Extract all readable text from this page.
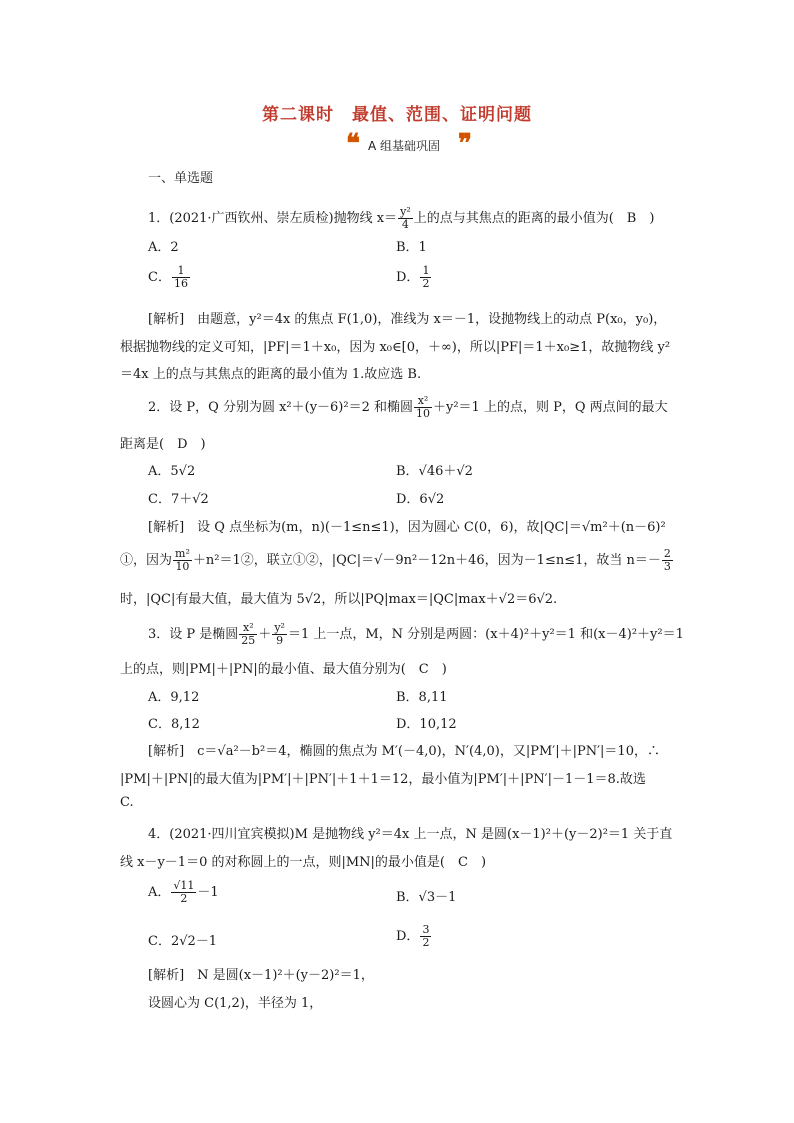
第二课时　最值、范围、证明问题
❝ A 组基础巩固 ❞
一、单选题
1．(2021·广西钦州、崇左质检)抛物线 $x= \frac{\text{y²}}{4}$ 上的点与其焦点的距离的最小值为(　B　)
A．2	B．1
C． $\frac{1}{16}$	D． $\frac{1}{2}$
[解析]　由题意，y²＝4x 的焦点 F(1,0)，准线为 x＝－1，设抛物线上的动点 P(x₀，y₀)，
根据抛物线的定义可知，|PF|＝1＋x₀，因为 x₀∈[0，＋∞)，所以|PF|＝1＋x₀≥1，故抛物线 y²
＝4x 上的点与其焦点的距离的最小值为 1.故应选 B.
2．设 P，Q 分别为圆 x²＋(y－6)²＝2 和椭圆 $\frac{\text{x²}}{10} +y^2=1$ 上的点，则 P，Q 两点间的最大
距离是(　D　)
A．5√2	B．√46＋√2
C．7＋√2	D．6√2
[解析]　设 Q 点坐标为(m，n)(－1≤n≤1)，因为圆心 C(0，6)，故|QC|＝√m²＋(n－6)²
①，因为 $\frac{\text{m²}}{10}$ ＋n²＝1②，联立①②，|QC|＝√－9n²－12n＋46，因为－1≤n≤1，故当 $n=- \frac{2}{3}$
时，|QC|有最大值，最大值为 5√2，所以|PQ|max＝|QC|max＋√2＝6√2.
3．设 P 是椭圆 $\frac{\text{x²}}{25} + \frac{\text{y²}}{9} =1$ 上一点，M，N 分别是两圆：(x＋4)²＋y²＝1 和(x－4)²＋y²＝1
上的点，则|PM|＋|PN|的最小值、最大值分别为(　C　)
A．9,12	B．8,11
C．8,12	D．10,12
[解析]　c＝√a²－b²＝4，椭圆的焦点为 M′(－4,0)，N′(4,0)，又|PM′|＋|PN′|＝10，∴
|PM|＋|PN|的最大值为|PM′|＋|PN′|＋1＋1＝12，最小值为|PM′|＋|PN′|－1－1＝8.故选
C.
4．(2021·四川宜宾模拟)M 是抛物线 y²＝4x 上一点，N 是圆(x－1)²＋(y－2)²＝1 关于直
线 x－y－1＝0 的对称圆上的一点，则|MN|的最小值是(　C　)
A． $\frac{√11}{2} -1$	B．√3－1
C．2√2－1	D． $\frac{3}{2}$
[解析]　N 是圆(x－1)²＋(y－2)²＝1，
设圆心为 C(1,2)，半径为 1，
